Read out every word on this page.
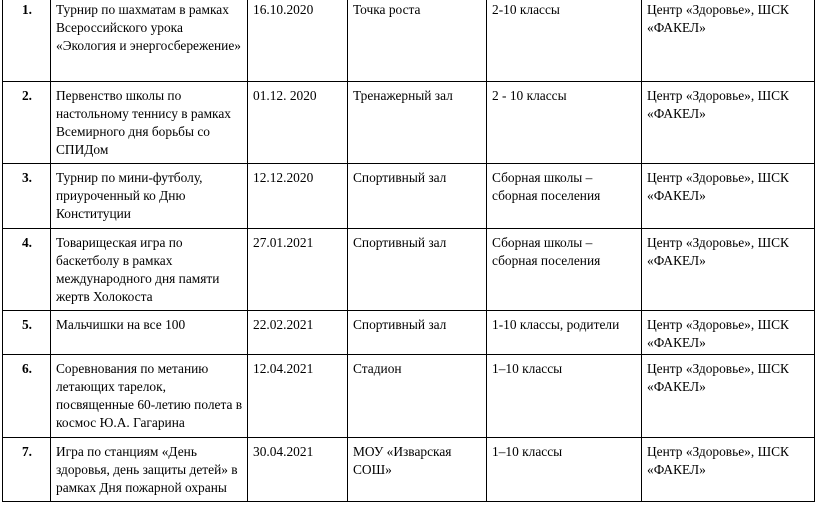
1.	Турнир по шахматам в рамках Всероссийского урока «Экология и энергосбережение»	16.10.2020	Точка роста	2-10 классы	Центр «Здоровье», ШСК «ФАКЕЛ»
2.	Первенство школы по настольному теннису в рамках Всемирного дня борьбы со СПИДом	01.12. 2020	Тренажерный зал	2 - 10 классы	Центр «Здоровье», ШСК «ФАКЕЛ»
3.	Турнир по мини-футболу, приуроченный ко Дню Конституции	12.12.2020	Спортивный зал	Сборная школы – сборная поселения	Центр «Здоровье», ШСК «ФАКЕЛ»
4.	Товарищеская игра по баскетболу в рамках международного дня памяти жертв Холокоста	27.01.2021	Спортивный зал	Сборная школы – сборная поселения	Центр «Здоровье», ШСК «ФАКЕЛ»
5.	Мальчишки на все 100	22.02.2021	Спортивный зал	1-10 классы, родители	Центр «Здоровье», ШСК «ФАКЕЛ»
6.	Соревнования по метанию летающих тарелок, посвященные 60-летию полета в космос Ю.А. Гагарина	12.04.2021	Стадион	1–10 классы	Центр «Здоровье», ШСК «ФАКЕЛ»
7.	Игра по станциям «День здоровья, день защиты детей» в рамках Дня пожарной охраны	30.04.2021	МОУ «Изварская СОШ»	1–10 классы	Центр «Здоровье», ШСК «ФАКЕЛ»
